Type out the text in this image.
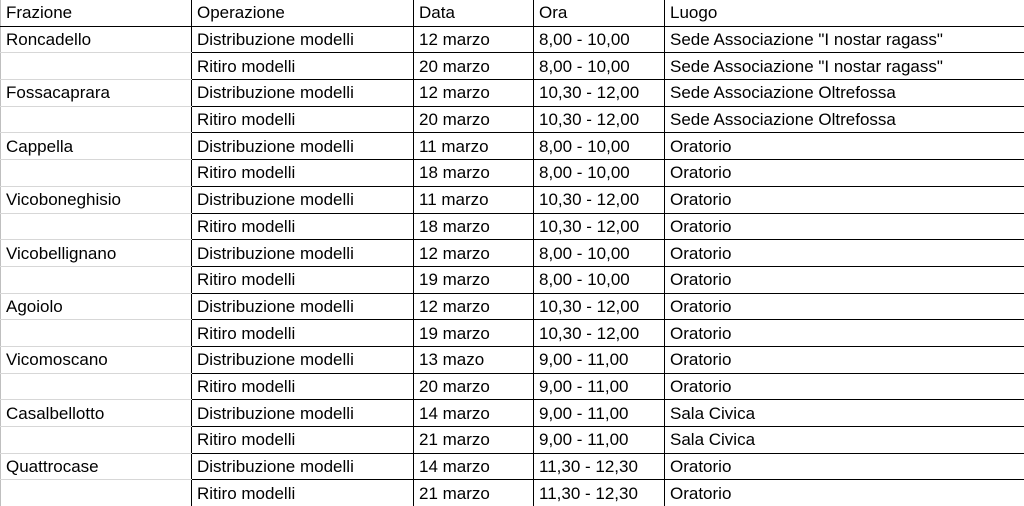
Frazione	Operazione	Data	Ora	Luogo
Roncadello	Distribuzione modelli	12 marzo	8,00 - 10,00	Sede Associazione "I nostar ragass"
	Ritiro modelli	20 marzo	8,00 - 10,00	Sede Associazione "I nostar ragass"
Fossacaprara	Distribuzione modelli	12 marzo	10,30 - 12,00	Sede Associazione Oltrefossa
	Ritiro modelli	20 marzo	10,30 - 12,00	Sede Associazione Oltrefossa
Cappella	Distribuzione modelli	11 marzo	8,00 - 10,00	Oratorio
	Ritiro modelli	18 marzo	8,00 - 10,00	Oratorio
Vicoboneghisio	Distribuzione modelli	11 marzo	10,30 - 12,00	Oratorio
	Ritiro modelli	18 marzo	10,30 - 12,00	Oratorio
Vicobellignano	Distribuzione modelli	12 marzo	8,00 - 10,00	Oratorio
	Ritiro modelli	19 marzo	8,00 - 10,00	Oratorio
Agoiolo	Distribuzione modelli	12 marzo	10,30 - 12,00	Oratorio
	Ritiro modelli	19 marzo	10,30 - 12,00	Oratorio
Vicomoscano	Distribuzione modelli	13 mazo	9,00 - 11,00	Oratorio
	Ritiro modelli	20 marzo	9,00 - 11,00	Oratorio
Casalbellotto	Distribuzione modelli	14 marzo	9,00 - 11,00	Sala Civica
	Ritiro modelli	21 marzo	9,00 - 11,00	Sala Civica
Quattrocase	Distribuzione modelli	14 marzo	11,30 - 12,30	Oratorio
	Ritiro modelli	21 marzo	11,30 - 12,30	Oratorio
